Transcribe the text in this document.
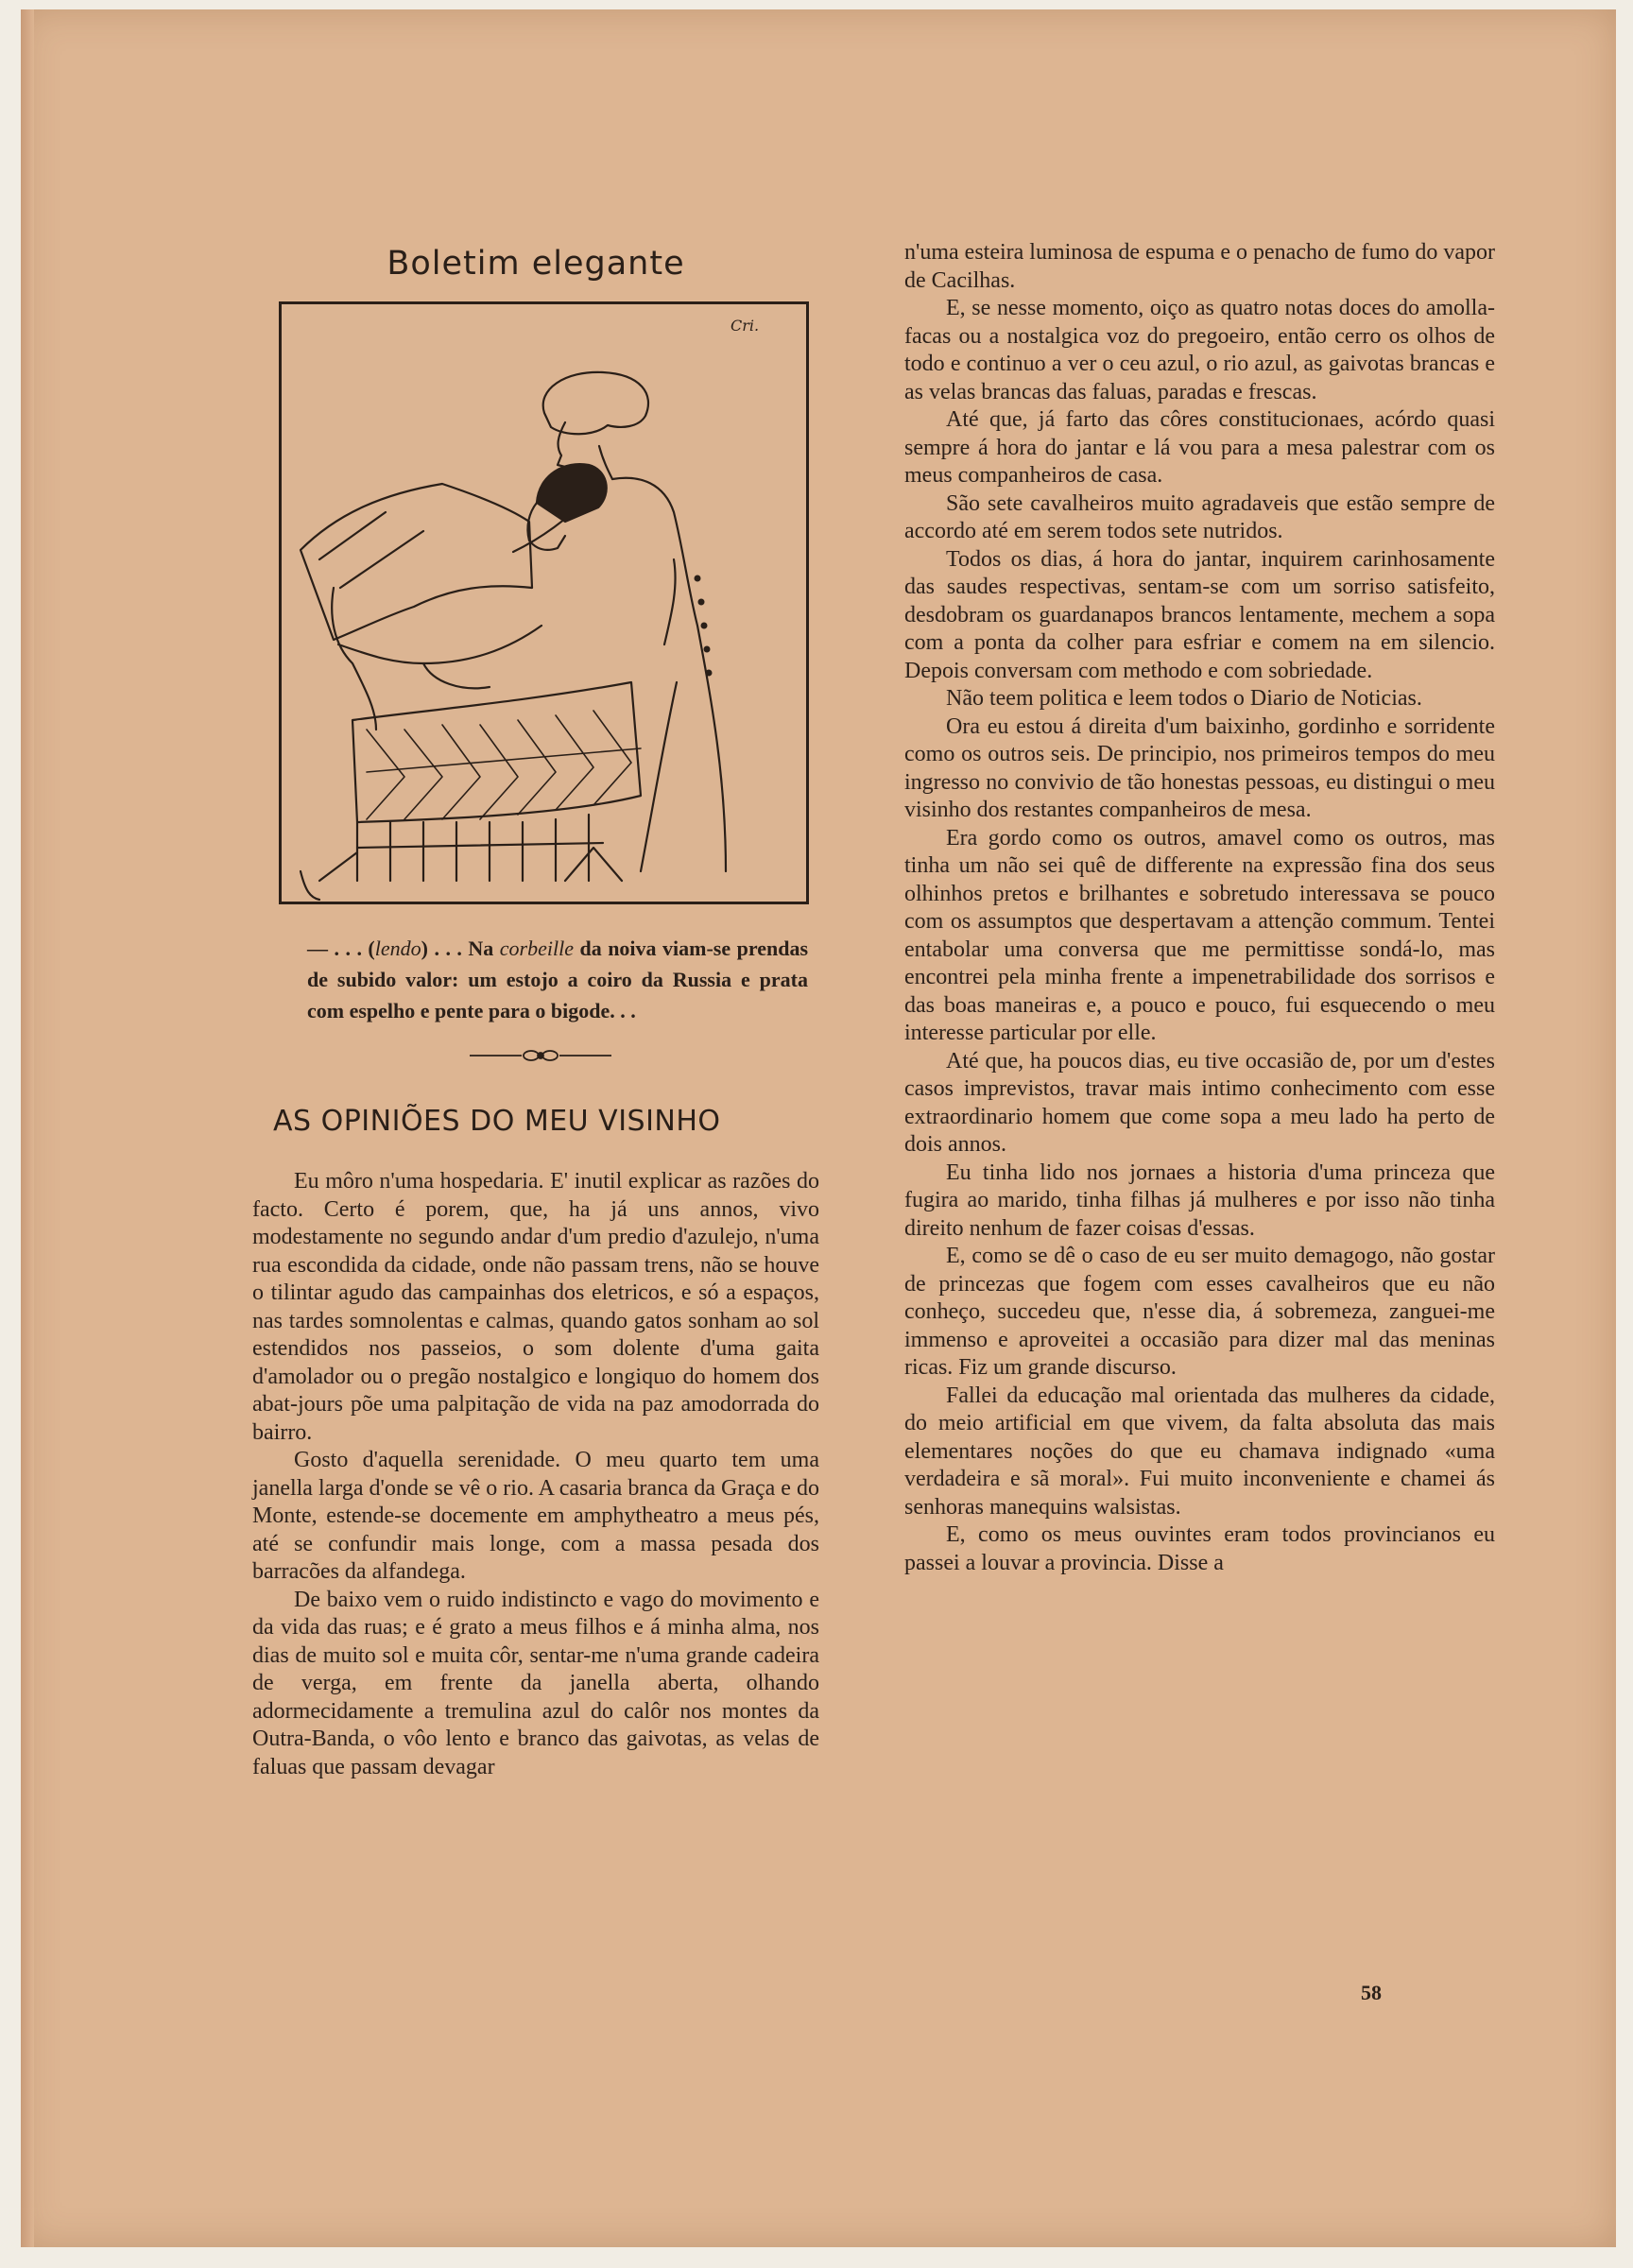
Boletim elegante
Cri.
— . . . (lendo) . . . Na corbeille da noiva viam-se prendas de subido valor: um estojo a coiro da Russia e prata com espelho e pente para o bigode. . .
AS OPINIÕES DO MEU VISINHO

Eu môro n'uma hospedaria. E' inutil explicar as razões do facto. Certo é porem, que, ha já uns annos, vivo modestamente no segundo andar d'um predio d'azulejo, n'uma rua escondida da cidade, onde não passam trens, não se houve o tilintar agudo das campainhas dos eletricos, e só a espaços, nas tardes somnolentas e calmas, quando gatos sonham ao sol estendidos nos passeios, o som dolente d'uma gaita d'amolador ou o pregão nostalgico e longiquo do homem dos abat-jours põe uma palpitação de vida na paz amodorrada do bairro.

Gosto d'aquella serenidade. O meu quarto tem uma janella larga d'onde se vê o rio. A casaria branca da Graça e do Monte, estende-se docemente em amphytheatro a meus pés, até se confundir mais longe, com a massa pesada dos barracões da alfandega.

De baixo vem o ruido indistincto e vago do movimento e da vida das ruas; e é grato a meus filhos e á minha alma, nos dias de muito sol e muita côr, sentar-me n'uma grande cadeira de verga, em frente da janella aberta, olhando adormecidamente a tremulina azul do calôr nos montes da Outra-Banda, o vôo lento e branco das gaivotas, as velas de faluas que passam devagar

n'uma esteira luminosa de espuma e o penacho de fumo do vapor de Cacilhas.

E, se nesse momento, oiço as quatro notas doces do amolla-facas ou a nostalgica voz do pregoeiro, então cerro os olhos de todo e continuo a ver o ceu azul, o rio azul, as gaivotas brancas e as velas brancas das faluas, paradas e frescas.

Até que, já farto das côres constitucionaes, acórdo quasi sempre á hora do jantar e lá vou para a mesa palestrar com os meus companheiros de casa.

São sete cavalheiros muito agradaveis que estão sempre de accordo até em serem todos sete nutridos.

Todos os dias, á hora do jantar, inquirem carinhosamente das saudes respectivas, sentam-se com um sorriso satisfeito, desdobram os guardanapos brancos lentamente, mechem a sopa com a ponta da colher para esfriar e comem na em silencio. Depois conversam com methodo e com sobriedade.

Não teem politica e leem todos o Diario de Noticias.

Ora eu estou á direita d'um baixinho, gordinho e sorridente como os outros seis. De principio, nos primeiros tempos do meu ingresso no convivio de tão honestas pessoas, eu distingui o meu visinho dos restantes companheiros de mesa.

Era gordo como os outros, amavel como os outros, mas tinha um não sei quê de differente na expressão fina dos seus olhinhos pretos e brilhantes e sobretudo interessava se pouco com os assumptos que despertavam a attenção commum. Tentei entabolar uma conversa que me permittisse sondá-lo, mas encontrei pela minha frente a impenetrabilidade dos sorrisos e das boas maneiras e, a pouco e pouco, fui esquecendo o meu interesse particular por elle.

Até que, ha poucos dias, eu tive occasião de, por um d'estes casos imprevistos, travar mais intimo conhecimento com esse extraordinario homem que come sopa a meu lado ha perto de dois annos.

Eu tinha lido nos jornaes a historia d'uma princeza que fugira ao marido, tinha filhas já mulheres e por isso não tinha direito nenhum de fazer coisas d'essas.

E, como se dê o caso de eu ser muito demagogo, não gostar de princezas que fogem com esses cavalheiros que eu não conheço, succedeu que, n'esse dia, á sobremeza, zanguei-me immenso e aproveitei a occasião para dizer mal das meninas ricas. Fiz um grande discurso.

Fallei da educação mal orientada das mulheres da cidade, do meio artificial em que vivem, da falta absoluta das mais elementares noções do que eu chamava indignado «uma verdadeira e sã moral». Fui muito inconveniente e chamei ás senhoras manequins walsistas.

E, como os meus ouvintes eram todos provincianos eu passei a louvar a provincia. Disse a

58
